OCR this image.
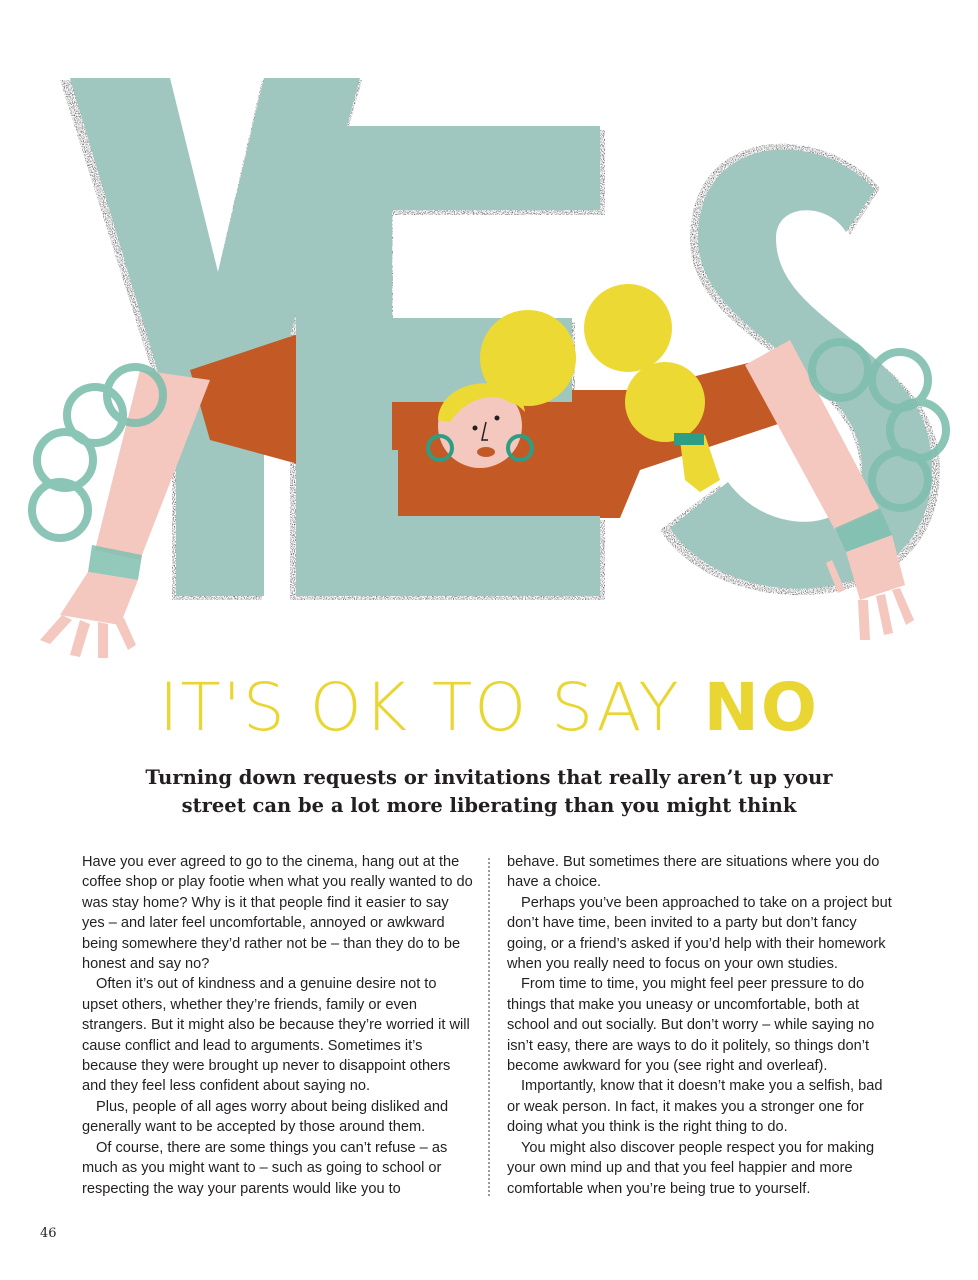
IT'S OK TO SAY NO
Turning down requests or invitations that really aren’t up your street can be a lot more liberating than you might think

Have you ever agreed to go to the cinema, hang out at the coffee shop or play footie when what you really wanted to do was stay home? Why is it that people find it easier to say yes – and later feel uncomfortable, annoyed or awkward being somewhere they’d rather not be – than they do to be honest and say no?

Often it’s out of kindness and a genuine desire not to upset others, whether they’re friends, family or even strangers. But it might also be because they’re worried it will cause conflict and lead to arguments. Sometimes it’s because they were brought up never to disappoint others and they feel less confident about saying no.

Plus, people of all ages worry about being disliked and generally want to be accepted by those around them.

Of course, there are some things you can’t refuse – as much as you might want to – such as going to school or respecting the way your parents would like you to

behave. But sometimes there are situations where you do have a choice.

Perhaps you’ve been approached to take on a project but don’t have time, been invited to a party but don’t fancy going, or a friend’s asked if you’d help with their homework when you really need to focus on your own studies.

From time to time, you might feel peer pressure to do things that make you uneasy or uncomfortable, both at school and out socially. But don’t worry – while saying no isn’t easy, there are ways to do it politely, so things don’t become awkward for you (see right and overleaf).

Importantly, know that it doesn’t make you a selfish, bad or weak person. In fact, it makes you a stronger one for doing what you think is the right thing to do.

You might also discover people respect you for making your own mind up and that you feel happier and more comfortable when you’re being true to yourself.

46
